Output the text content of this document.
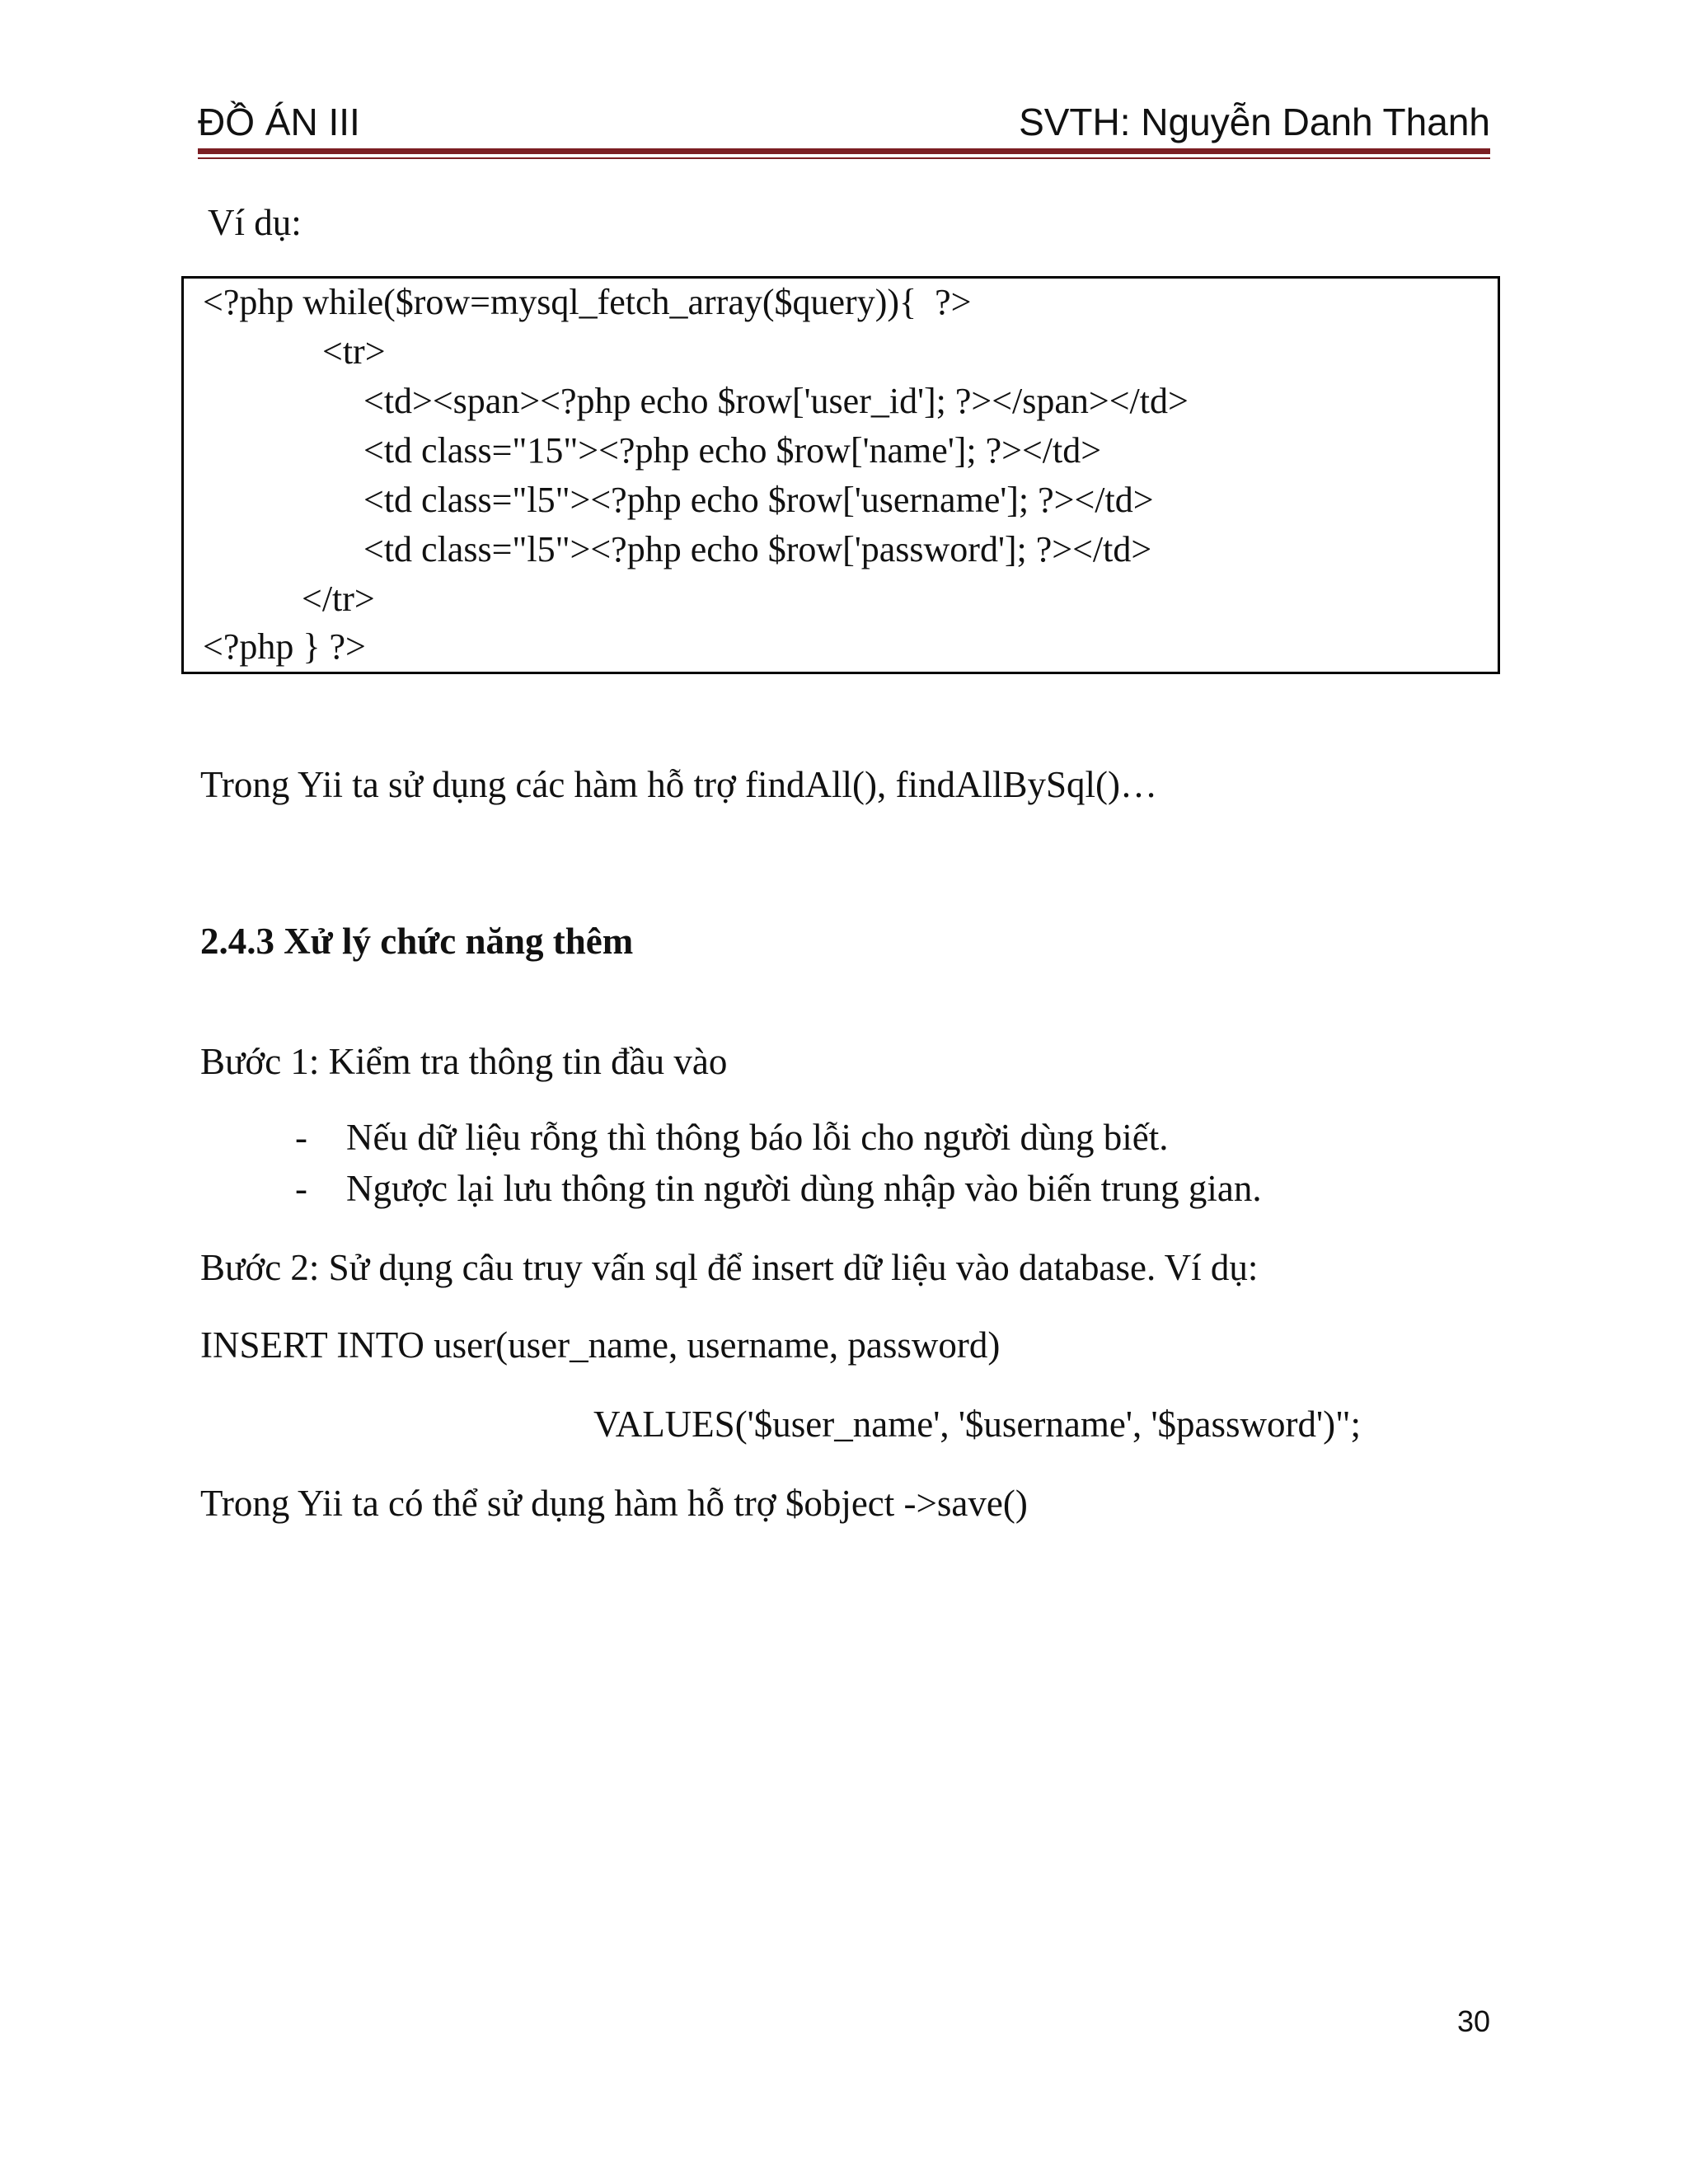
ĐỒ ÁN III	SVTH: Nguyễn Danh Thanh
Ví dụ:
<?php while($row=mysql_fetch_array($query)){  ?>
<tr>
<td><span><?php echo $row['user_id']; ?></span></td>
<td class="15"><?php echo $row['name']; ?></td>
<td class="l5"><?php echo $row['username']; ?></td>
<td class="l5"><?php echo $row['password']; ?></td>
</tr>
<?php } ?>
Trong Yii ta sử dụng các hàm hỗ trợ findAll(), findAllBySql()…
2.4.3 Xử lý chức năng thêm
Bước 1: Kiểm tra thông tin đầu vào
- Nếu dữ liệu rỗng thì thông báo lỗi cho người dùng biết.
- Ngược lại lưu thông tin người dùng nhập vào biến trung gian.
Bước 2: Sử dụng câu truy vấn sql để insert dữ liệu vào database. Ví dụ:
INSERT INTO user(user_name, username, password)
VALUES('$user_name', '$username', '$password')";
Trong Yii ta có thể sử dụng hàm hỗ trợ $object ->save()
30
